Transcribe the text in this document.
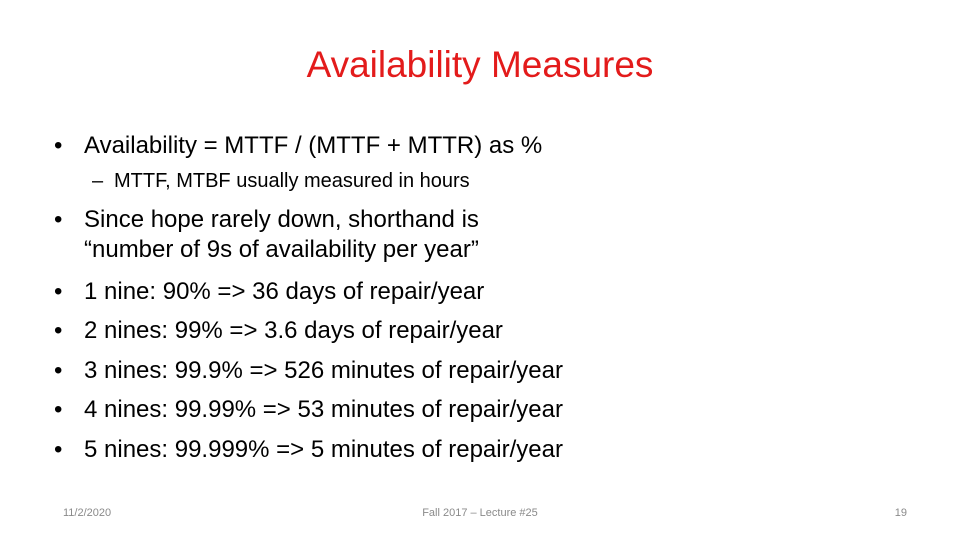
Availability Measures
• Availability = MTTF / (MTTF + MTTR) as %
– MTTF, MTBF usually measured in hours
• Since hope rarely down, shorthand is
“number of 9s of availability per year”
• 1 nine: 90% => 36 days of repair/year
• 2 nines: 99% => 3.6 days of repair/year
• 3 nines: 99.9% => 526 minutes of repair/year
• 4 nines: 99.99% => 53 minutes of repair/year
• 5 nines: 99.999% => 5 minutes of repair/year
11/2/2020	Fall 2017 – Lecture #25	19
